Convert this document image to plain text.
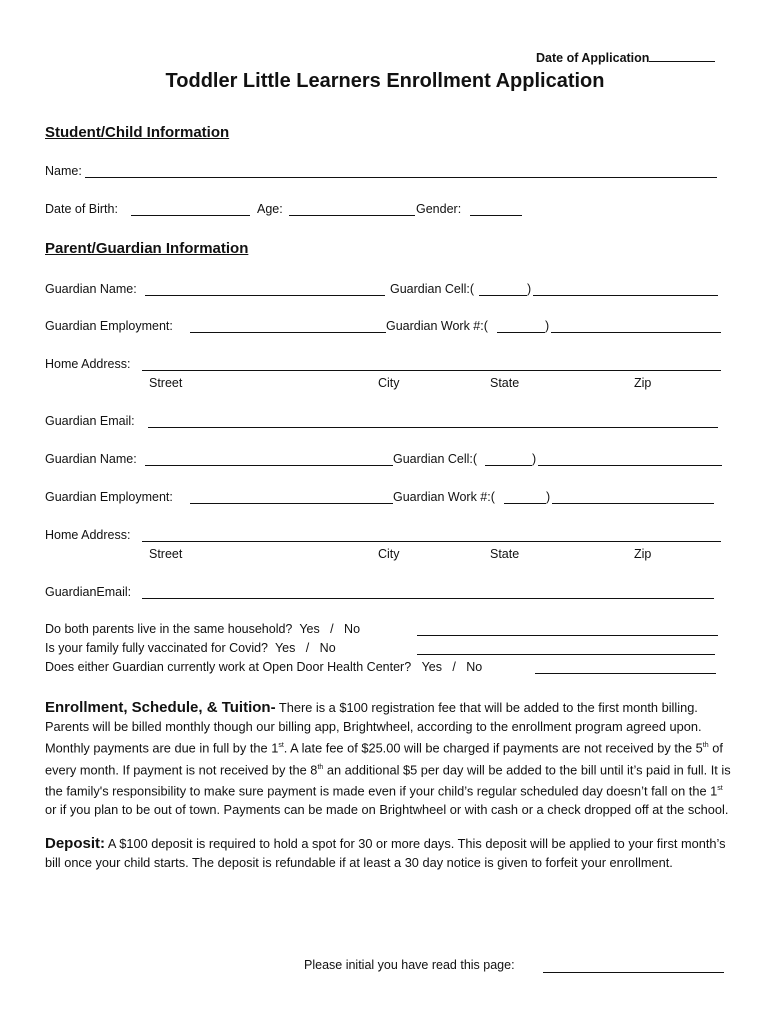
Date of Application
Toddler Little Learners Enrollment Application
Student/Child Information
Name:
Date of Birth:	Age:	Gender:
Parent/Guardian Information
Guardian Name:	Guardian Cell:(	)
Guardian Employment:	Guardian Work #:(	)
Home Address:
Street	City	State	Zip
Guardian Email:
Guardian Name:	Guardian Cell:(	)
Guardian Employment:	Guardian Work #:(	)
Home Address:
Street	City	State	Zip
GuardianEmail:
Do both parents live in the same household? Yes   /   No
Is your family fully vaccinated for Covid? Yes   /   No
Does either Guardian currently work at Open Door Health Center? Yes   /   No
Enrollment, Schedule, & Tuition- There is a $100 registration fee that will be added to the first month billing. Parents will be billed monthly though our billing app, Brightwheel, according to the enrollment program agreed upon. Monthly payments are due in full by the 1st. A late fee of $25.00 will be charged if payments are not received by the 5th of every month. If payment is not received by the 8th an additional $5 per day will be added to the bill until it’s paid in full. It is the family's responsibility to make sure payment is made even if your child’s regular scheduled day doesn’t fall on the 1st or if you plan to be out of town. Payments can be made on Brightwheel or with cash or a check dropped off at the school.
Deposit: A $100 deposit is required to hold a spot for 30 or more days. This deposit will be applied to your first month’s bill once your child starts. The deposit is refundable if at least a 30 day notice is given to forfeit your enrollment.
Please initial you have read this page:
